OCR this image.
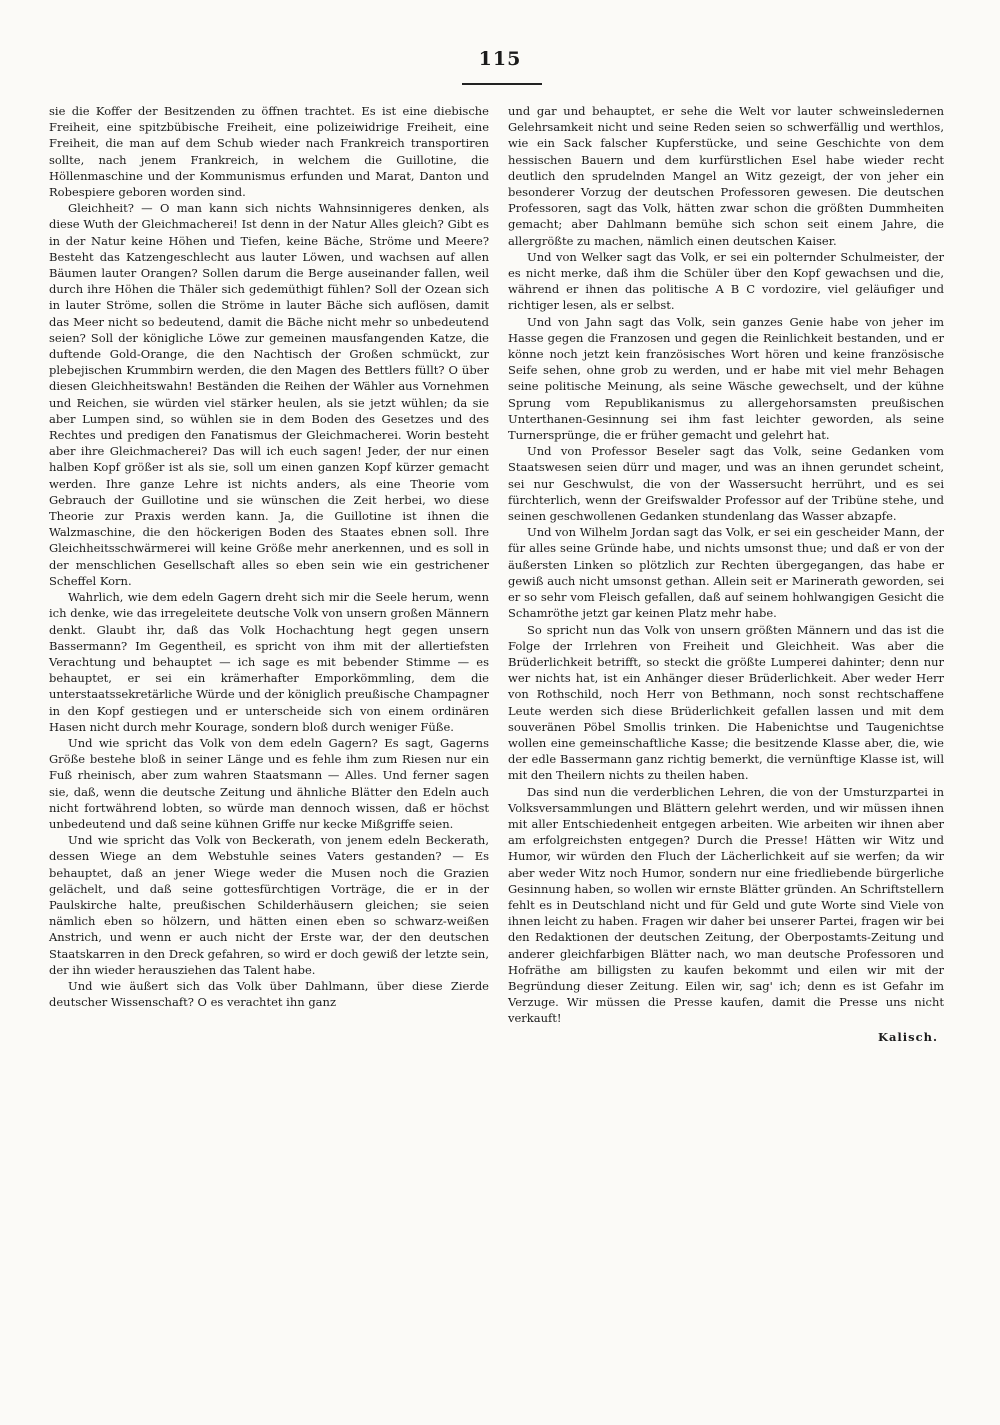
115

sie die Koffer der Besitzenden zu öffnen trachtet. Es ist eine diebische Freiheit, eine spitzbübische Freiheit, eine polizeiwidrige Freiheit, eine Freiheit, die man auf dem Schub wieder nach Frankreich transportiren sollte, nach jenem Frankreich, in welchem die Guillotine, die Höllenmaschine und der Kommunismus erfunden und Marat, Danton und Robespiere geboren worden sind.

Gleichheit? — O man kann sich nichts Wahnsinnigeres denken, als diese Wuth der Gleichmacherei! Ist denn in der Natur Alles gleich? Gibt es in der Natur keine Höhen und Tiefen, keine Bäche, Ströme und Meere? Besteht das Katzengeschlecht aus lauter Löwen, und wachsen auf allen Bäumen lauter Orangen? Sollen darum die Berge auseinander fallen, weil durch ihre Höhen die Thäler sich gedemüthigt fühlen? Soll der Ozean sich in lauter Ströme, sollen die Ströme in lauter Bäche sich auflösen, damit das Meer nicht so bedeutend, damit die Bäche nicht mehr so unbedeutend seien? Soll der königliche Löwe zur gemeinen mausfangenden Katze, die duftende Gold-Orange, die den Nachtisch der Großen schmückt, zur plebejischen Krummbirn werden, die den Magen des Bettlers füllt? O über diesen Gleichheitswahn! Beständen die Reihen der Wähler aus Vornehmen und Reichen, sie würden viel stärker heulen, als sie jetzt wühlen; da sie aber Lumpen sind, so wühlen sie in dem Boden des Gesetzes und des Rechtes und predigen den Fanatismus der Gleichmacherei. Worin besteht aber ihre Gleichmacherei? Das will ich euch sagen! Jeder, der nur einen halben Kopf größer ist als sie, soll um einen ganzen Kopf kürzer gemacht werden. Ihre ganze Lehre ist nichts anders, als eine Theorie vom Gebrauch der Guillotine und sie wünschen die Zeit herbei, wo diese Theorie zur Praxis werden kann. Ja, die Guillotine ist ihnen die Walzmaschine, die den höckerigen Boden des Staates ebnen soll. Ihre Gleichheitsschwärmerei will keine Größe mehr anerkennen, und es soll in der menschlichen Gesellschaft alles so eben sein wie ein gestrichener Scheffel Korn.

Wahrlich, wie dem edeln Gagern dreht sich mir die Seele herum, wenn ich denke, wie das irregeleitete deutsche Volk von unsern großen Männern denkt. Glaubt ihr, daß das Volk Hochachtung hegt gegen unsern Bassermann? Im Gegentheil, es spricht von ihm mit der allertiefsten Verachtung und behauptet — ich sage es mit bebender Stimme — es behauptet, er sei ein krämerhafter Emporkömmling, dem die unterstaatssekretärliche Würde und der königlich preußische Champagner in den Kopf gestiegen und er unterscheide sich von einem ordinären Hasen nicht durch mehr Kourage, sondern bloß durch weniger Füße.

Und wie spricht das Volk von dem edeln Gagern? Es sagt, Gagerns Größe bestehe bloß in seiner Länge und es fehle ihm zum Riesen nur ein Fuß rheinisch, aber zum wahren Staatsmann — Alles. Und ferner sagen sie, daß, wenn die deutsche Zeitung und ähnliche Blätter den Edeln auch nicht fortwährend lobten, so würde man dennoch wissen, daß er höchst unbedeutend und daß seine kühnen Griffe nur kecke Mißgriffe seien.

Und wie spricht das Volk von Beckerath, von jenem edeln Beckerath, dessen Wiege an dem Webstuhle seines Vaters gestanden? — Es behauptet, daß an jener Wiege weder die Musen noch die Grazien gelächelt, und daß seine gottesfürchtigen Vorträge, die er in der Paulskirche halte, preußischen Schilderhäusern gleichen; sie seien nämlich eben so hölzern, und hätten einen eben so schwarz-weißen Anstrich, und wenn er auch nicht der Erste war, der den deutschen Staatskarren in den Dreck gefahren, so wird er doch gewiß der letzte sein, der ihn wieder herausziehen das Talent habe.

Und wie äußert sich das Volk über Dahlmann, über diese Zierde deutscher Wissenschaft? O es verachtet ihn ganz

und gar und behauptet, er sehe die Welt vor lauter schweinsledernen Gelehrsamkeit nicht und seine Reden seien so schwerfällig und werthlos, wie ein Sack falscher Kupferstücke, und seine Geschichte von dem hessischen Bauern und dem kurfürstlichen Esel habe wieder recht deutlich den sprudelnden Mangel an Witz gezeigt, der von jeher ein besonderer Vorzug der deutschen Professoren gewesen. Die deutschen Professoren, sagt das Volk, hätten zwar schon die größten Dummheiten gemacht; aber Dahlmann bemühe sich schon seit einem Jahre, die allergrößte zu machen, nämlich einen deutschen Kaiser.

Und von Welker sagt das Volk, er sei ein polternder Schulmeister, der es nicht merke, daß ihm die Schüler über den Kopf gewachsen und die, während er ihnen das politische A B C vordozire, viel geläufiger und richtiger lesen, als er selbst.

Und von Jahn sagt das Volk, sein ganzes Genie habe von jeher im Hasse gegen die Franzosen und gegen die Reinlichkeit bestanden, und er könne noch jetzt kein französisches Wort hören und keine französische Seife sehen, ohne grob zu werden, und er habe mit viel mehr Behagen seine politische Meinung, als seine Wäsche gewechselt, und der kühne Sprung vom Republikanismus zu allergehorsamsten preußischen Unterthanen-Gesinnung sei ihm fast leichter geworden, als seine Turnersprünge, die er früher gemacht und gelehrt hat.

Und von Professor Beseler sagt das Volk, seine Gedanken vom Staatswesen seien dürr und mager, und was an ihnen gerundet scheint, sei nur Geschwulst, die von der Wassersucht herrührt, und es sei fürchterlich, wenn der Greifswalder Professor auf der Tribüne stehe, und seinen geschwollenen Gedanken stundenlang das Wasser abzapfe.

Und von Wilhelm Jordan sagt das Volk, er sei ein gescheider Mann, der für alles seine Gründe habe, und nichts umsonst thue; und daß er von der äußersten Linken so plötzlich zur Rechten übergegangen, das habe er gewiß auch nicht umsonst gethan. Allein seit er Marinerath geworden, sei er so sehr vom Fleisch gefallen, daß auf seinem hohlwangigen Gesicht die Schamröthe jetzt gar keinen Platz mehr habe.

So spricht nun das Volk von unsern größten Männern und das ist die Folge der Irrlehren von Freiheit und Gleichheit. Was aber die Brüderlichkeit betrifft, so steckt die größte Lumperei dahinter; denn nur wer nichts hat, ist ein Anhänger dieser Brüderlichkeit. Aber weder Herr von Rothschild, noch Herr von Bethmann, noch sonst rechtschaffene Leute werden sich diese Brüderlichkeit gefallen lassen und mit dem souveränen Pöbel Smollis trinken. Die Habenichtse und Taugenichtse wollen eine gemeinschaftliche Kasse; die besitzende Klasse aber, die, wie der edle Bassermann ganz richtig bemerkt, die vernünftige Klasse ist, will mit den Theilern nichts zu theilen haben.

Das sind nun die verderblichen Lehren, die von der Umsturzpartei in Volksversammlungen und Blättern gelehrt werden, und wir müssen ihnen mit aller Entschiedenheit entgegen arbeiten. Wie arbeiten wir ihnen aber am erfolgreichsten entgegen? Durch die Presse! Hätten wir Witz und Humor, wir würden den Fluch der Lächerlichkeit auf sie werfen; da wir aber weder Witz noch Humor, sondern nur eine friedliebende bürgerliche Gesinnung haben, so wollen wir ernste Blätter gründen. An Schriftstellern fehlt es in Deutschland nicht und für Geld und gute Worte sind Viele von ihnen leicht zu haben. Fragen wir daher bei unserer Partei, fragen wir bei den Redaktionen der deutschen Zeitung, der Oberpostamts-Zeitung und anderer gleichfarbigen Blätter nach, wo man deutsche Professoren und Hofräthe am billigsten zu kaufen bekommt und eilen wir mit der Begründung dieser Zeitung. Eilen wir, sag' ich; denn es ist Gefahr im Verzuge. Wir müssen die Presse kaufen, damit die Presse uns nicht verkauft!

Kalisch.
